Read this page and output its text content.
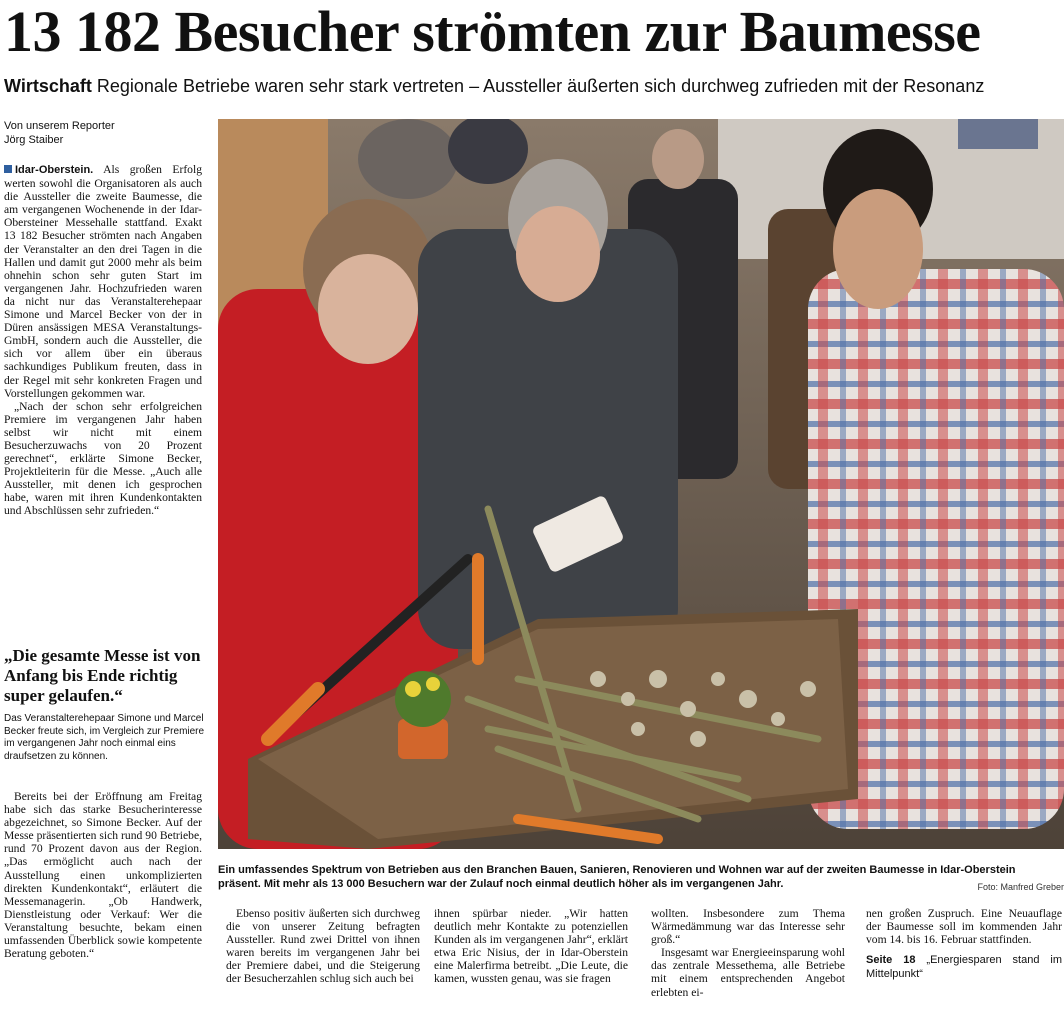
13 182 Besucher strömten zur Baumesse
Wirtschaft Regionale Betriebe waren sehr stark vertreten – Aussteller äußerten sich durchweg zufrieden mit der Resonanz
Von unserem Reporter
Jörg Staiber

Idar-Oberstein. Als großen Erfolg werten sowohl die Organisatoren als auch die Aussteller die zweite Baumesse, die am vergangenen Wochenende in der Idar-Obersteiner Messehalle stattfand. Exakt 13 182 Besucher strömten nach Angaben der Veranstalter an den drei Tagen in die Hallen und damit gut 2000 mehr als beim ohnehin schon sehr guten Start im vergangenen Jahr. Hochzufrieden waren da nicht nur das Veranstalterehepaar Simone und Marcel Becker von der in Düren ansässigen MESA Veranstaltungs-GmbH, sondern auch die Aussteller, die sich vor allem über ein überaus sachkundiges Publikum freuten, dass in der Regel mit sehr konkreten Fragen und Vorstellungen gekommen war.

„Nach der schon sehr erfolgreichen Premiere im vergangenen Jahr haben selbst wir nicht mit einem Besucherzuwachs von 20 Prozent gerechnet“, erklärte Simone Becker, Projektleiterin für die Messe. „Auch alle Aussteller, mit denen ich gesprochen habe, waren mit ihren Kundenkontakten und Abschlüssen sehr zufrieden.“

„Die gesamte Messe ist von Anfang bis Ende richtig super gelaufen.“
Das Veranstalterehepaar Simone und Marcel Becker freute sich, im Vergleich zur Premiere im vergangenen Jahr noch einmal eins draufsetzen zu können.

Bereits bei der Eröffnung am Freitag habe sich das starke Besucherinteresse abgezeichnet, so Simone Becker. Auf der Messe präsentierten sich rund 90 Betriebe, rund 70 Prozent davon aus der Region. „Das ermöglicht auch nach der Ausstellung einen unkomplizierten direkten Kundenkontakt“, erläutert die Messemanagerin. „Ob Handwerk, Dienstleistung oder Verkauf: Wer die Veranstaltung besuchte, bekam einen umfassenden Überblick sowie kompetente Beratung geboten.“

Ein umfassendes Spektrum von Betrieben aus den Branchen Bauen, Sanieren, Renovieren und Wohnen war auf der zweiten Baumesse in Idar-Oberstein präsent. Mit mehr als 13 000 Besuchern war der Zulauf noch einmal deutlich höher als im vergangenen Jahr.	Foto: Manfred Greber

Ebenso positiv äußerten sich durchweg die von unserer Zeitung befragten Aussteller. Rund zwei Drittel von ihnen waren bereits im vergangenen Jahr bei der Premiere dabei, und die Steigerung der Besucherzahlen schlug sich auch bei

ihnen spürbar nieder. „Wir hatten deutlich mehr Kontakte zu potenziellen Kunden als im vergangenen Jahr“, erklärt etwa Eric Nisius, der in Idar-Oberstein eine Malerfirma betreibt. „Die Leute, die kamen, wussten genau, was sie fragen

wollten. Insbesondere zum Thema Wärmedämmung war das Interesse sehr groß.“

Insgesamt war Energieeinsparung wohl das zentrale Messethema, alle Betriebe mit einem entsprechenden Angebot erlebten ei-

nen großen Zuspruch. Eine Neuauflage der Baumesse soll im kommenden Jahr vom 14. bis 16. Februar stattfinden.

Seite 18 „Energiesparen stand im Mittelpunkt“
